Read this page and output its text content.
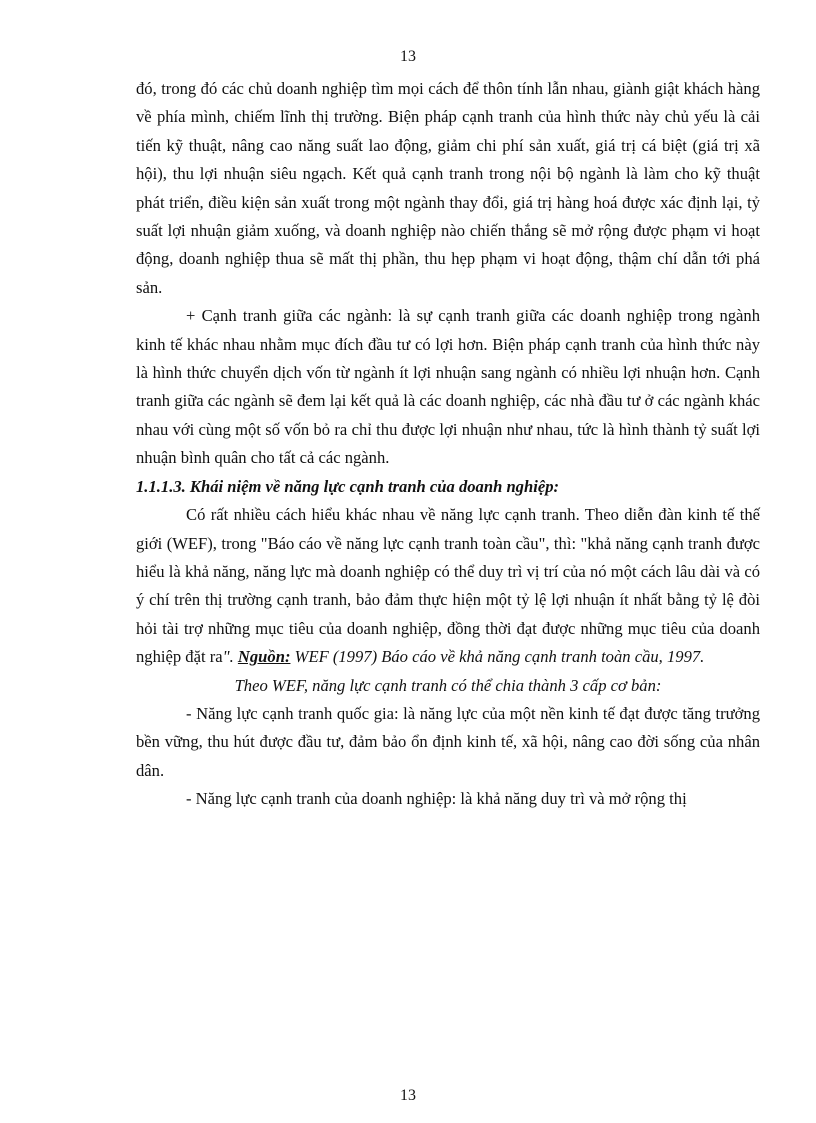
13

đó, trong đó các chủ doanh nghiệp tìm mọi cách để thôn tính lẫn nhau, giành giật khách hàng về phía mình, chiếm lĩnh thị trường. Biện pháp cạnh tranh của hình thức này chủ yếu là cải tiến kỹ thuật, nâng cao năng suất lao động, giảm chi phí sản xuất, giá trị cá biệt (giá trị xã hội), thu lợi nhuận siêu ngạch. Kết quả cạnh tranh trong nội bộ ngành là làm cho kỹ thuật phát triển, điều kiện sản xuất trong một ngành thay đổi, giá trị hàng hoá được xác định lại, tỷ suất lợi nhuận giảm xuống, và doanh nghiệp nào chiến thắng sẽ mở rộng được phạm vi hoạt động, doanh nghiệp thua sẽ mất thị phần, thu hẹp phạm vi hoạt động, thậm chí dẫn tới phá sản.

+ Cạnh tranh giữa các ngành: là sự cạnh tranh giữa các doanh nghiệp trong ngành kinh tế khác nhau nhằm mục đích đầu tư có lợi hơn. Biện pháp cạnh tranh của hình thức này là hình thức chuyển dịch vốn từ ngành ít lợi nhuận sang ngành có nhiều lợi nhuận hơn. Cạnh tranh giữa các ngành sẽ đem lại kết quả là các doanh nghiệp, các nhà đầu tư ở các ngành khác nhau với cùng một số vốn bỏ ra chỉ thu được lợi nhuận như nhau, tức là hình thành tỷ suất lợi nhuận bình quân cho tất cả các ngành.

1.1.1.3. Khái niệm về năng lực cạnh tranh của doanh nghiệp:

Có rất nhiều cách hiểu khác nhau về năng lực cạnh tranh. Theo diễn đàn kinh tế thế giới (WEF), trong "Báo cáo về năng lực cạnh tranh toàn cầu", thì: "khả năng cạnh tranh được hiểu là khả năng, năng lực mà doanh nghiệp có thể duy trì vị trí của nó một cách lâu dài và có ý chí trên thị trường cạnh tranh, bảo đảm thực hiện một tỷ lệ lợi nhuận ít nhất bằng tỷ lệ đòi hỏi tài trợ những mục tiêu của doanh nghiệp, đồng thời đạt được những mục tiêu của doanh nghiệp đặt ra". Nguồn: WEF (1997) Báo cáo về khả năng cạnh tranh toàn cầu, 1997.

Theo WEF, năng lực cạnh tranh có thể chia thành 3 cấp cơ bản:

- Năng lực cạnh tranh quốc gia: là năng lực của một nền kinh tế đạt được tăng trưởng bền vững, thu hút được đầu tư, đảm bảo ổn định kinh tế, xã hội, nâng cao đời sống của nhân dân.

- Năng lực cạnh tranh của doanh nghiệp: là khả năng duy trì và mở rộng thị

13
